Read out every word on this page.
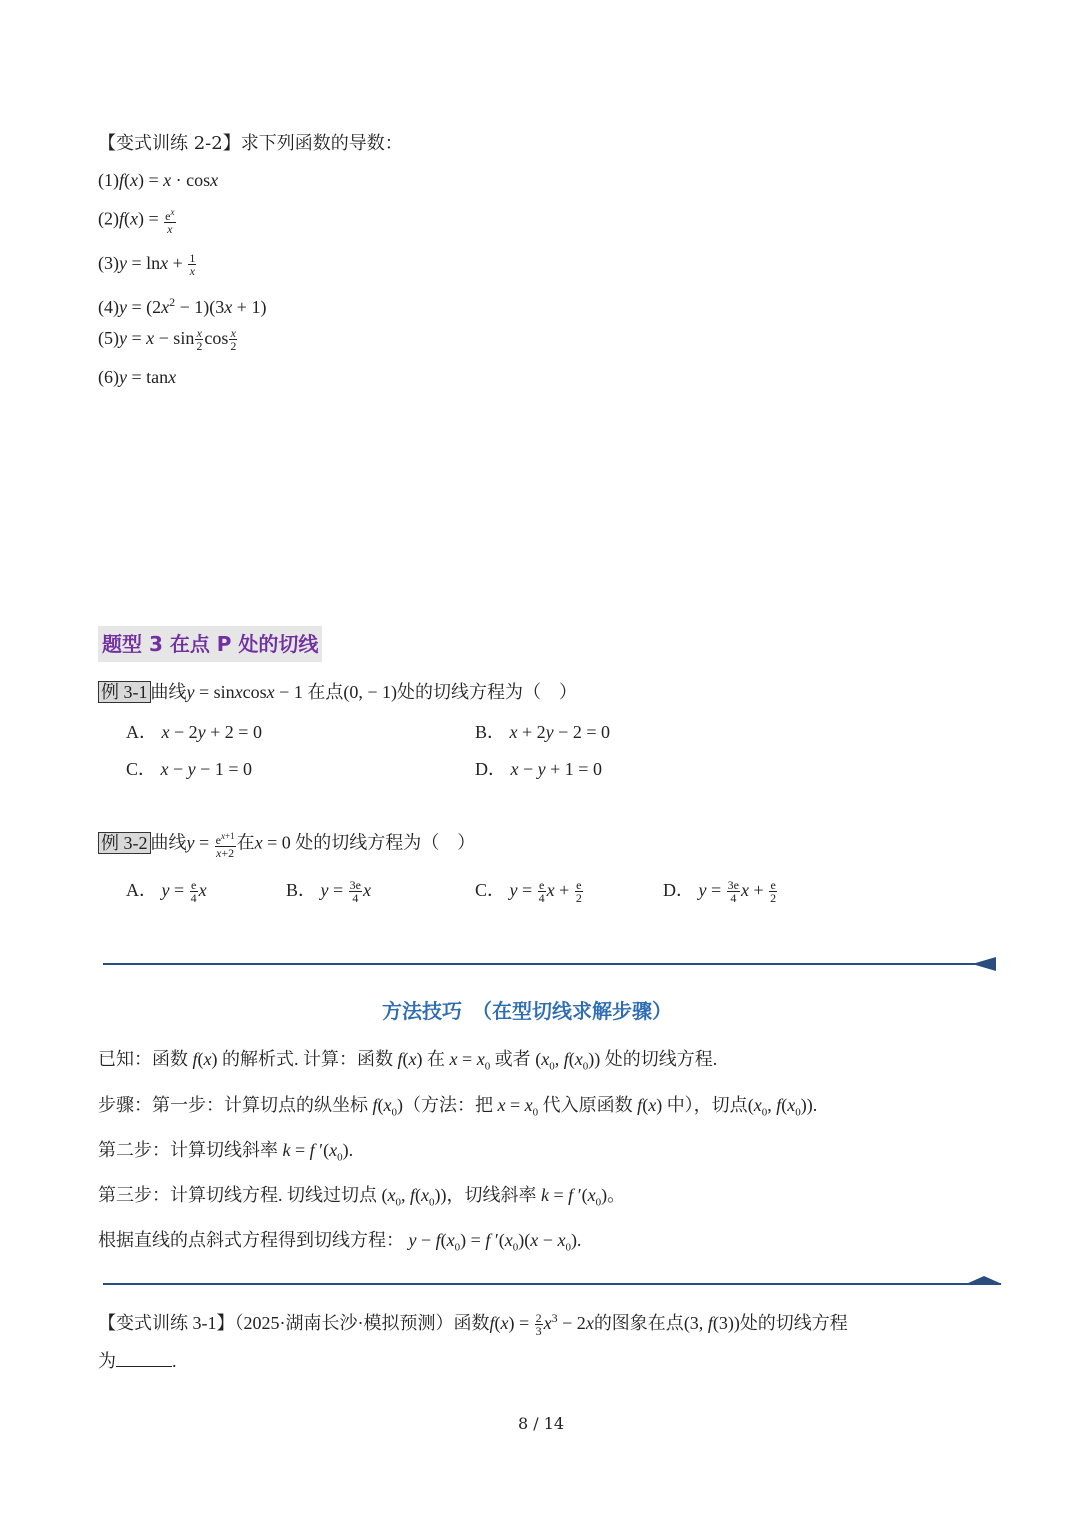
【变式训练 2-2】求下列函数的导数：
(1)f(x) = x · cosx
$(2)f(x) = \frac{e^x}{x}$
$(3)y = \ln x + \frac{1}{x}$
$(4)y = (2x^2 - 1)(3x + 1)$
$(5)y = x - \sin \frac{x}{2}$ $\cos \frac{x}{2}$
(6)y = tanx
题型 3 在点 P 处的切线
例 3-1 曲线y = sinxcosx − 1 在点(0, − 1)处的切线方程为（　）
A． x − 2y + 2 = 0	B． x + 2y − 2 = 0
C． x − y − 1 = 0	D． x − y + 1 = 0
例 3-2 曲线$y = \frac{e^{x+1}}{x+2}$ 在x = 0 处的切线方程为（　）
A． $y = \frac{e}{4}$ x	B． $y = \frac{3e}{4}$ x	C． $y = \frac{e}{4}$ $x + \frac{e}{2}$	D． $y = \frac{3e}{4}$ $x + \frac{e}{2}$
方法技巧　（在型切线求解步骤）
已知：函数 f(x) 的解析式. 计算：函数 f(x) 在 $x = x_0$ 或者 ($x_0$, $f(x_0)$) 处的切线方程.
步骤：第一步：计算切点的纵坐标 $f(x_0)$（方法：把 $x = x_0$ 代入原函数 f(x) 中），切点($x_0$, $f(x_0)$).
第二步：计算切线斜率 k = f $'(x_0)$.
第三步：计算切线方程. 切线过切点 ($x_0$, $f(x_0)$)，切线斜率 k = f $'(x_0)$。
根据直线的点斜式方程得到切线方程： $y - f(x_0) = f$ $'(x_0)(x - x_0)$.
【变式训练 3-1】（2025·湖南长沙·模拟预测）函数$f(x) = \frac{2}{3} x^3 - 2x$的图象在点(3, f(3))处的切线方程
为	.
8 / 14
